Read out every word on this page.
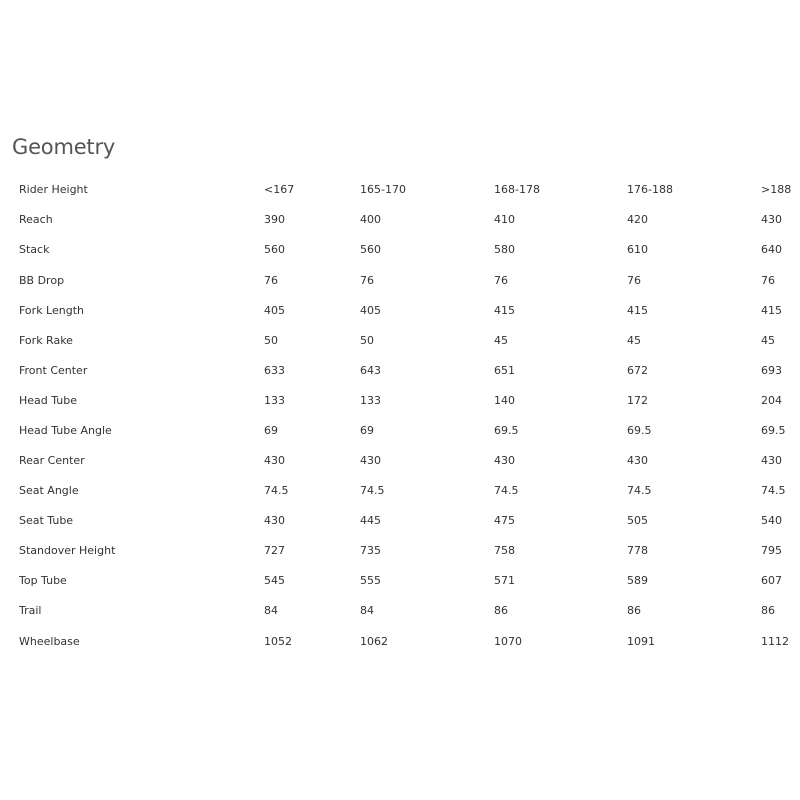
Geometry
Rider Height	<167	165-170	168-178	176-188	>188
Reach	390	400	410	420	430
Stack	560	560	580	610	640
BB Drop	76	76	76	76	76
Fork Length	405	405	415	415	415
Fork Rake	50	50	45	45	45
Front Center	633	643	651	672	693
Head Tube	133	133	140	172	204
Head Tube Angle	69	69	69.5	69.5	69.5
Rear Center	430	430	430	430	430
Seat Angle	74.5	74.5	74.5	74.5	74.5
Seat Tube	430	445	475	505	540
Standover Height	727	735	758	778	795
Top Tube	545	555	571	589	607
Trail	84	84	86	86	86
Wheelbase	1052	1062	1070	1091	1112
